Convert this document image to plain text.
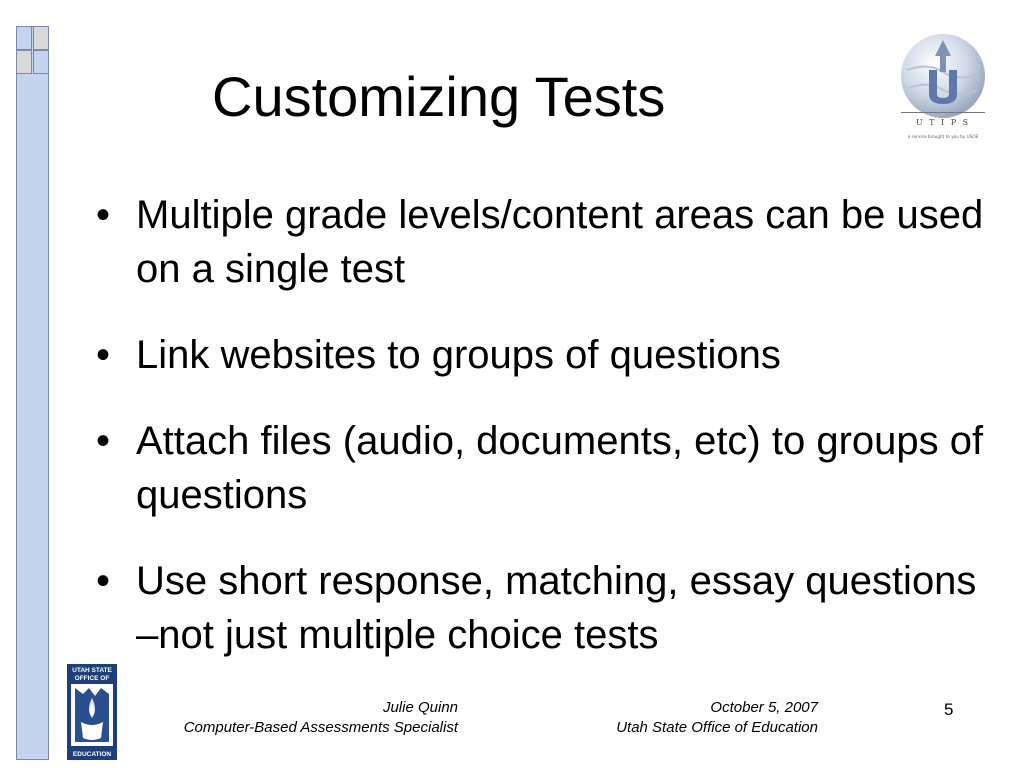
Customizing Tests	U T I P S
a service brought to you by USOE
• Multiple grade levels/content areas can be used on a single test
• Link websites to groups of questions
• Attach files (audio, documents, etc) to groups of questions
• Use short response, matching, essay questions –not just multiple choice tests
UTAH STATE
OFFICE OF
EDUCATION
Julie Quinn
Computer-Based Assessments Specialist
October 5, 2007
Utah State Office of Education
5
